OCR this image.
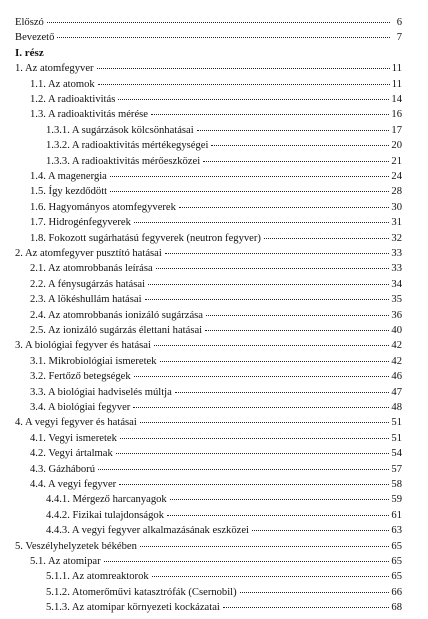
Előszó	6
Bevezető	7
I. rész
1. Az atomfegyver	11
1.1. Az atomok	11
1.2. A radioaktivitás	14
1.3. A radioaktivitás mérése	16
1.3.1. A sugárzások kölcsönhatásai	17
1.3.2. A radioaktivitás mértékegységei	20
1.3.3. A radioaktivitás mérőeszközei	21
1.4. A magenergia	24
1.5. Így kezdődött	28
1.6. Hagyományos atomfegyverek	30
1.7. Hidrogénfegyverek	31
1.8. Fokozott sugárhatású fegyverek (neutron fegyver)	32
2. Az atomfegyver pusztító hatásai	33
2.1. Az atomrobbanás leírása	33
2.2. A fénysugárzás hatásai	34
2.3. A lökéshullám hatásai	35
2.4. Az atomrobbanás ionizáló sugárzása	36
2.5. Az ionizáló sugárzás élettani hatásai	40
3. A biológiai fegyver és hatásai	42
3.1. Mikrobiológiai ismeretek	42
3.2. Fertőző betegségek	46
3.3. A biológiai hadviselés múltja	47
3.4. A biológiai fegyver	48
4. A vegyi fegyver és hatásai	51
4.1. Vegyi ismeretek	51
4.2. Vegyi ártalmak	54
4.3. Gázháború	57
4.4. A vegyi fegyver	58
4.4.1. Mérgező harcanyagok	59
4.4.2. Fizikai tulajdonságok	61
4.4.3. A vegyi fegyver alkalmazásának eszközei	63
5. Veszélyhelyzetek békében	65
5.1. Az atomipar	65
5.1.1. Az atomreaktorok	65
5.1.2. Atomerőművi katasztrófák (Csernobil)	66
5.1.3. Az atomipar környezeti kockázatai	68
